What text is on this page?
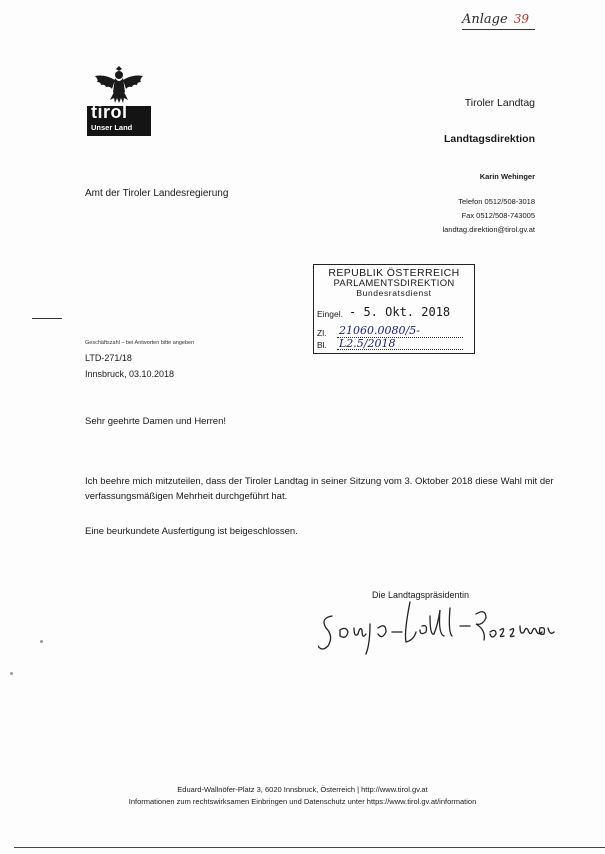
Anlage 39
tirol
Unser Land
Tiroler Landtag
Landtagsdirektion
Karin Wehinger
Telefon 0512/508-3018
Fax 0512/508-743005
landtag.direktion@tirol.gv.at
Amt der Tiroler Landesregierung
REPUBLIK ÖSTERREICH
PARLAMENTSDIREKTION
Bundesratsdienst
Eingel. - 5. Okt. 2018
Zl. 21060.0080/5-L2.5/2018
Bl.
Geschäftszahl – bei Antworten bitte angeben
LTD-271/18
Innsbruck, 03.10.2018
Sehr geehrte Damen und Herren!
Ich beehre mich mitzuteilen, dass der Tiroler Landtag in seiner Sitzung vom 3. Oktober 2018 diese Wahl mit der verfassungsmäßigen Mehrheit durchgeführt hat.
Eine beurkundete Ausfertigung ist beigeschlossen.
Die Landtagspräsidentin
Eduard-Wallnöfer-Platz 3, 6020 Innsbruck, Österreich | http://www.tirol.gv.at
Informationen zum rechtswirksamen Einbringen und Datenschutz unter https://www.tirol.gv.at/information
